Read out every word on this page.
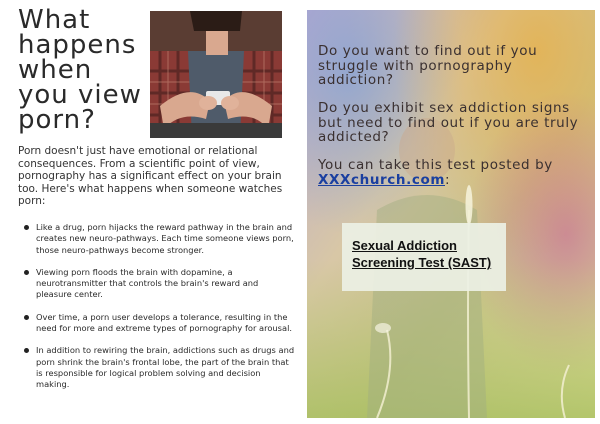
What
happens
when
you view
porn?
Porn doesn't just have emotional or relational consequences. From a scientific point of view, pornography has a significant effect on your brain too. Here's what happens when someone watches porn:
Like a drug, porn hijacks the reward pathway in the brain and creates new neuro-pathways. Each time someone views porn, those neuro-pathways become stronger.
Viewing porn floods the brain with dopamine, a neurotransmitter that controls the brain's reward and pleasure center.
Over time, a porn user develops a tolerance, resulting in the need for more and extreme types of pornography for arousal.
In addition to rewiring the brain, addictions such as drugs and porn shrink the brain's frontal lobe, the part of the brain that is responsible for logical problem solving and decision making.
Do you want to find out if you struggle with pornography addiction?
Do you exhibit sex addiction signs but need to find out if you are truly addicted?
You can take this test posted by XXXchurch.com:
Sexual Addiction Screening Test (SAST)
